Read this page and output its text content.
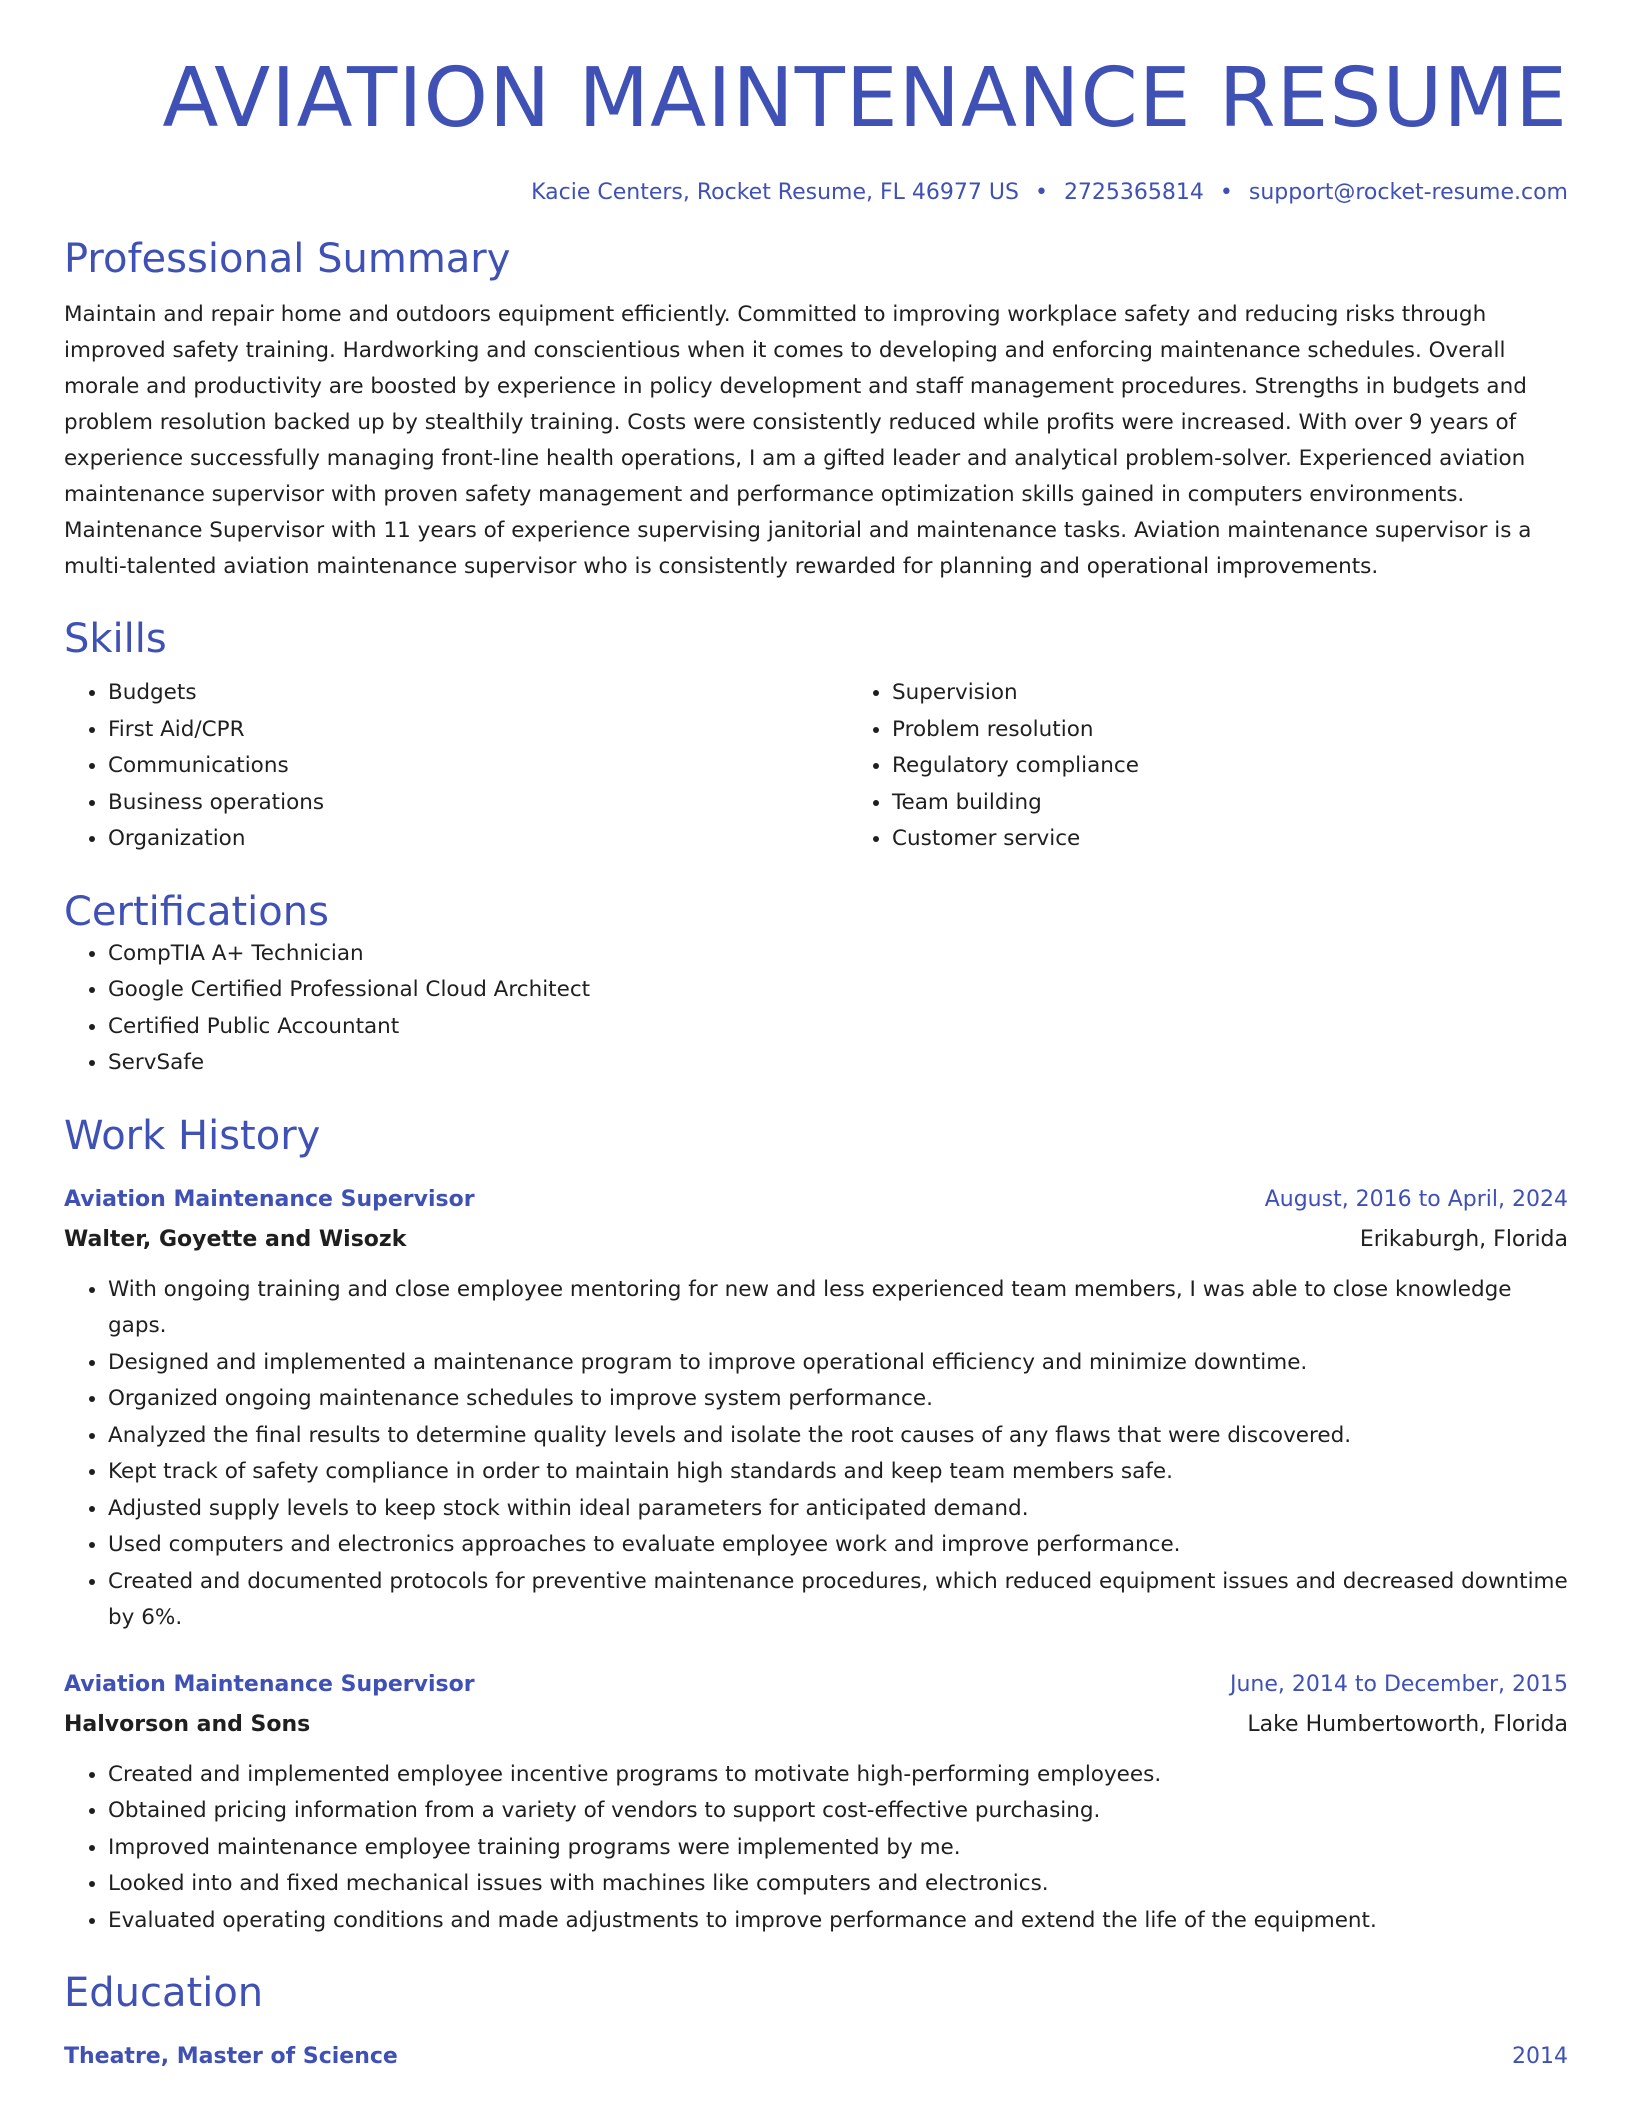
AVIATION MAINTENANCE RESUME
Kacie Centers, Rocket Resume, FL 46977 US • 2725365814 • support@rocket-resume.com
Professional Summary
Maintain and repair home and outdoors equipment efficiently. Committed to improving workplace safety and reducing risks through improved safety training. Hardworking and conscientious when it comes to developing and enforcing maintenance schedules. Overall morale and productivity are boosted by experience in policy development and staff management procedures. Strengths in budgets and problem resolution backed up by stealthily training. Costs were consistently reduced while profits were increased. With over 9 years of experience successfully managing front-line health operations, I am a gifted leader and analytical problem-solver. Experienced aviation maintenance supervisor with proven safety management and performance optimization skills gained in computers environments. Maintenance Supervisor with 11 years of experience supervising janitorial and maintenance tasks. Aviation maintenance supervisor is a multi-talented aviation maintenance supervisor who is consistently rewarded for planning and operational improvements.
Skills
• Budgets
• First Aid/CPR
• Communications
• Business operations
• Organization
• Supervision
• Problem resolution
• Regulatory compliance
• Team building
• Customer service
Certifications
• CompTIA A+ Technician
• Google Certified Professional Cloud Architect
• Certified Public Accountant
• ServSafe
Work History
Aviation Maintenance Supervisor	August, 2016 to April, 2024
Walter, Goyette and Wisozk	Erikaburgh, Florida
• With ongoing training and close employee mentoring for new and less experienced team members, I was able to close knowledge gaps.
• Designed and implemented a maintenance program to improve operational efficiency and minimize downtime.
• Organized ongoing maintenance schedules to improve system performance.
• Analyzed the final results to determine quality levels and isolate the root causes of any flaws that were discovered.
• Kept track of safety compliance in order to maintain high standards and keep team members safe.
• Adjusted supply levels to keep stock within ideal parameters for anticipated demand.
• Used computers and electronics approaches to evaluate employee work and improve performance.
• Created and documented protocols for preventive maintenance procedures, which reduced equipment issues and decreased downtime by 6%.
Aviation Maintenance Supervisor	June, 2014 to December, 2015
Halvorson and Sons	Lake Humbertoworth, Florida
• Created and implemented employee incentive programs to motivate high-performing employees.
• Obtained pricing information from a variety of vendors to support cost-effective purchasing.
• Improved maintenance employee training programs were implemented by me.
• Looked into and fixed mechanical issues with machines like computers and electronics.
• Evaluated operating conditions and made adjustments to improve performance and extend the life of the equipment.
Education
Theatre, Master of Science	2014
